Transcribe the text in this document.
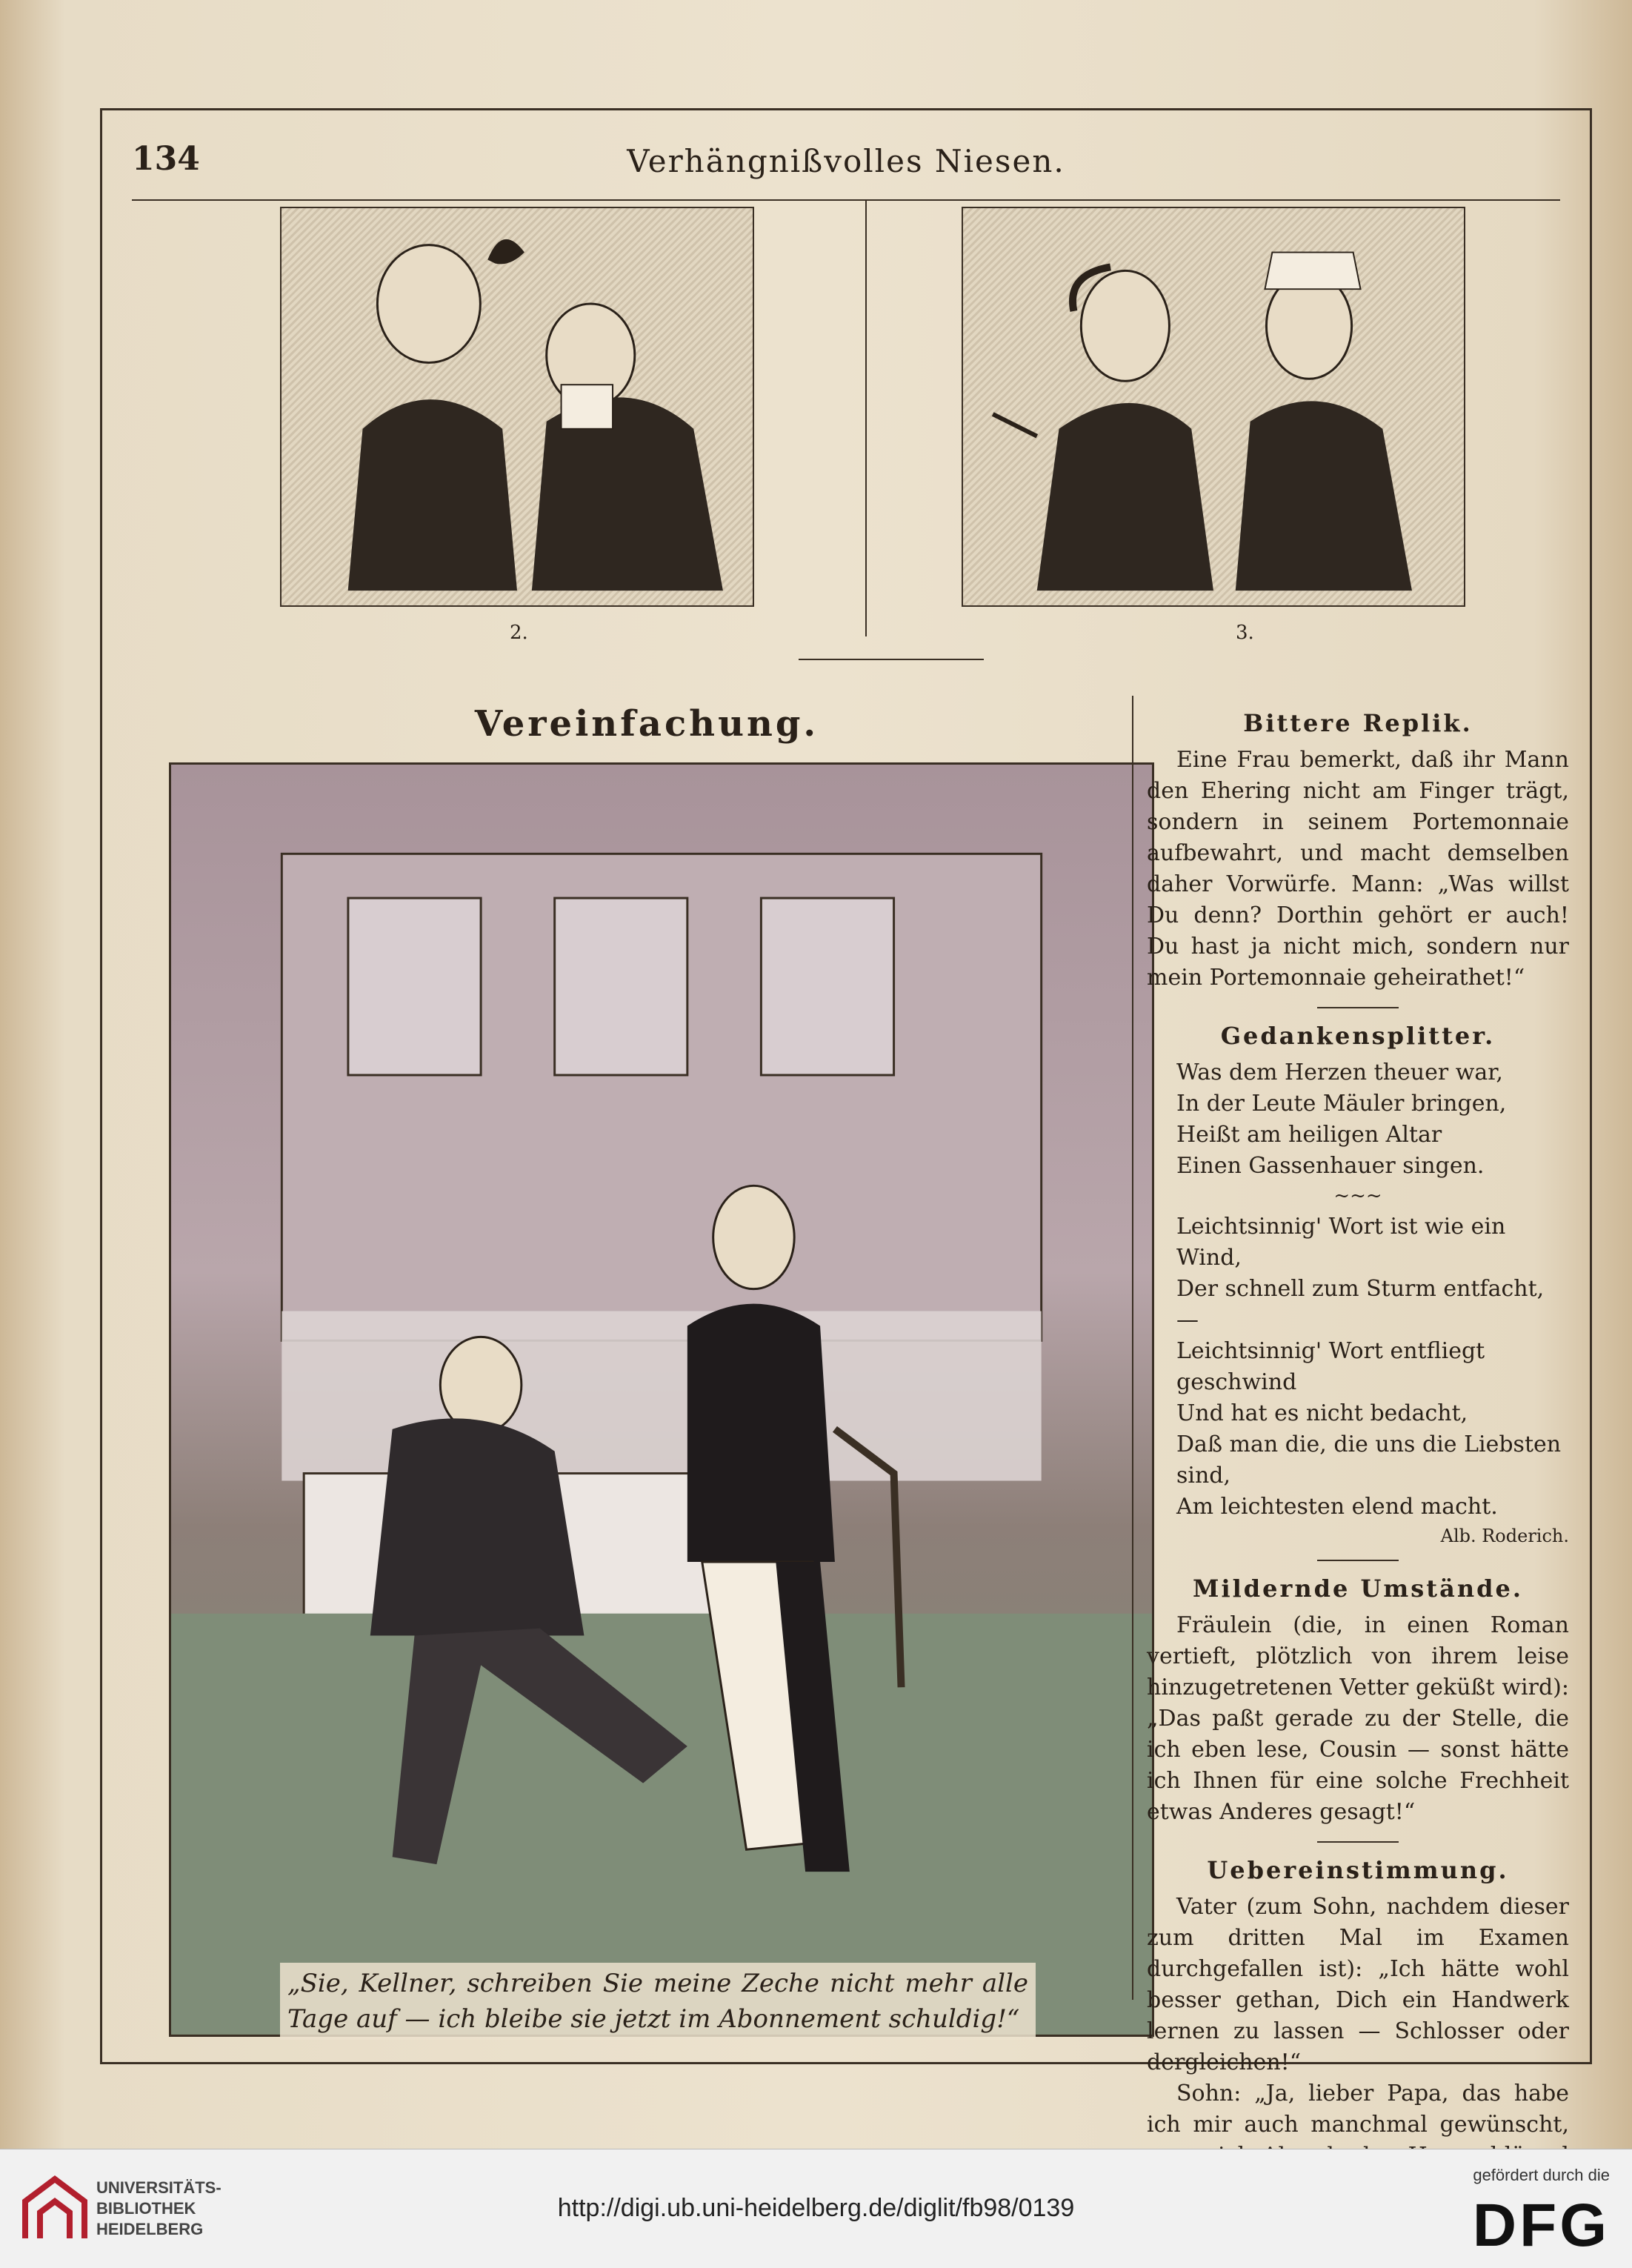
134	Verhängnißvolles Niesen.
2.	3.
Vereinfachung.
„Sie, Kellner, schreiben Sie meine Zeche nicht mehr alle Tage auf — ich bleibe sie jetzt im Abonnement schuldig!“
Bittere Replik.

Eine Frau bemerkt, daß ihr Mann den Ehering nicht am Finger trägt, sondern in seinem Portemonnaie aufbewahrt, und macht demselben daher Vorwürfe. Mann: „Was willst Du denn? Dorthin gehört er auch! Du hast ja nicht mich, sondern nur mein Portemonnaie geheirathet!“

Gedankensplitter.
Was dem Herzen theuer war,
In der Leute Mäuler bringen,
Heißt am heiligen Altar
Einen Gassenhauer singen.
~~~
Leichtsinnig' Wort ist wie ein Wind,
Der schnell zum Sturm entfacht, —
Leichtsinnig' Wort entfliegt geschwind
Und hat es nicht bedacht,
Daß man die, die uns die Liebsten sind,
Am leichtesten elend macht.
Alb. Roderich.
Mildernde Umstände.

Fräulein (die, in einen Roman vertieft, plötzlich von ihrem leise hinzugetretenen Vetter geküßt wird): „Das paßt gerade zu der Stelle, die ich eben lese, Cousin — sonst hätte ich Ihnen für eine solche Frechheit etwas Anderes gesagt!“

Uebereinstimmung.

Vater (zum Sohn, nachdem dieser zum dritten Mal im Examen durchgefallen ist): „Ich hätte wohl besser gethan, Dich ein Handwerk lernen zu lassen — Schlosser oder dergleichen!“

Sohn: „Ja, lieber Papa, das habe ich mir auch manchmal gewünscht,

UNIVERSITÄTS-
BIBLIOTHEK
HEIDELBERG
http://digi.ub.uni-heidelberg.de/diglit/fb98/0139
gefördert durch die
DFG
